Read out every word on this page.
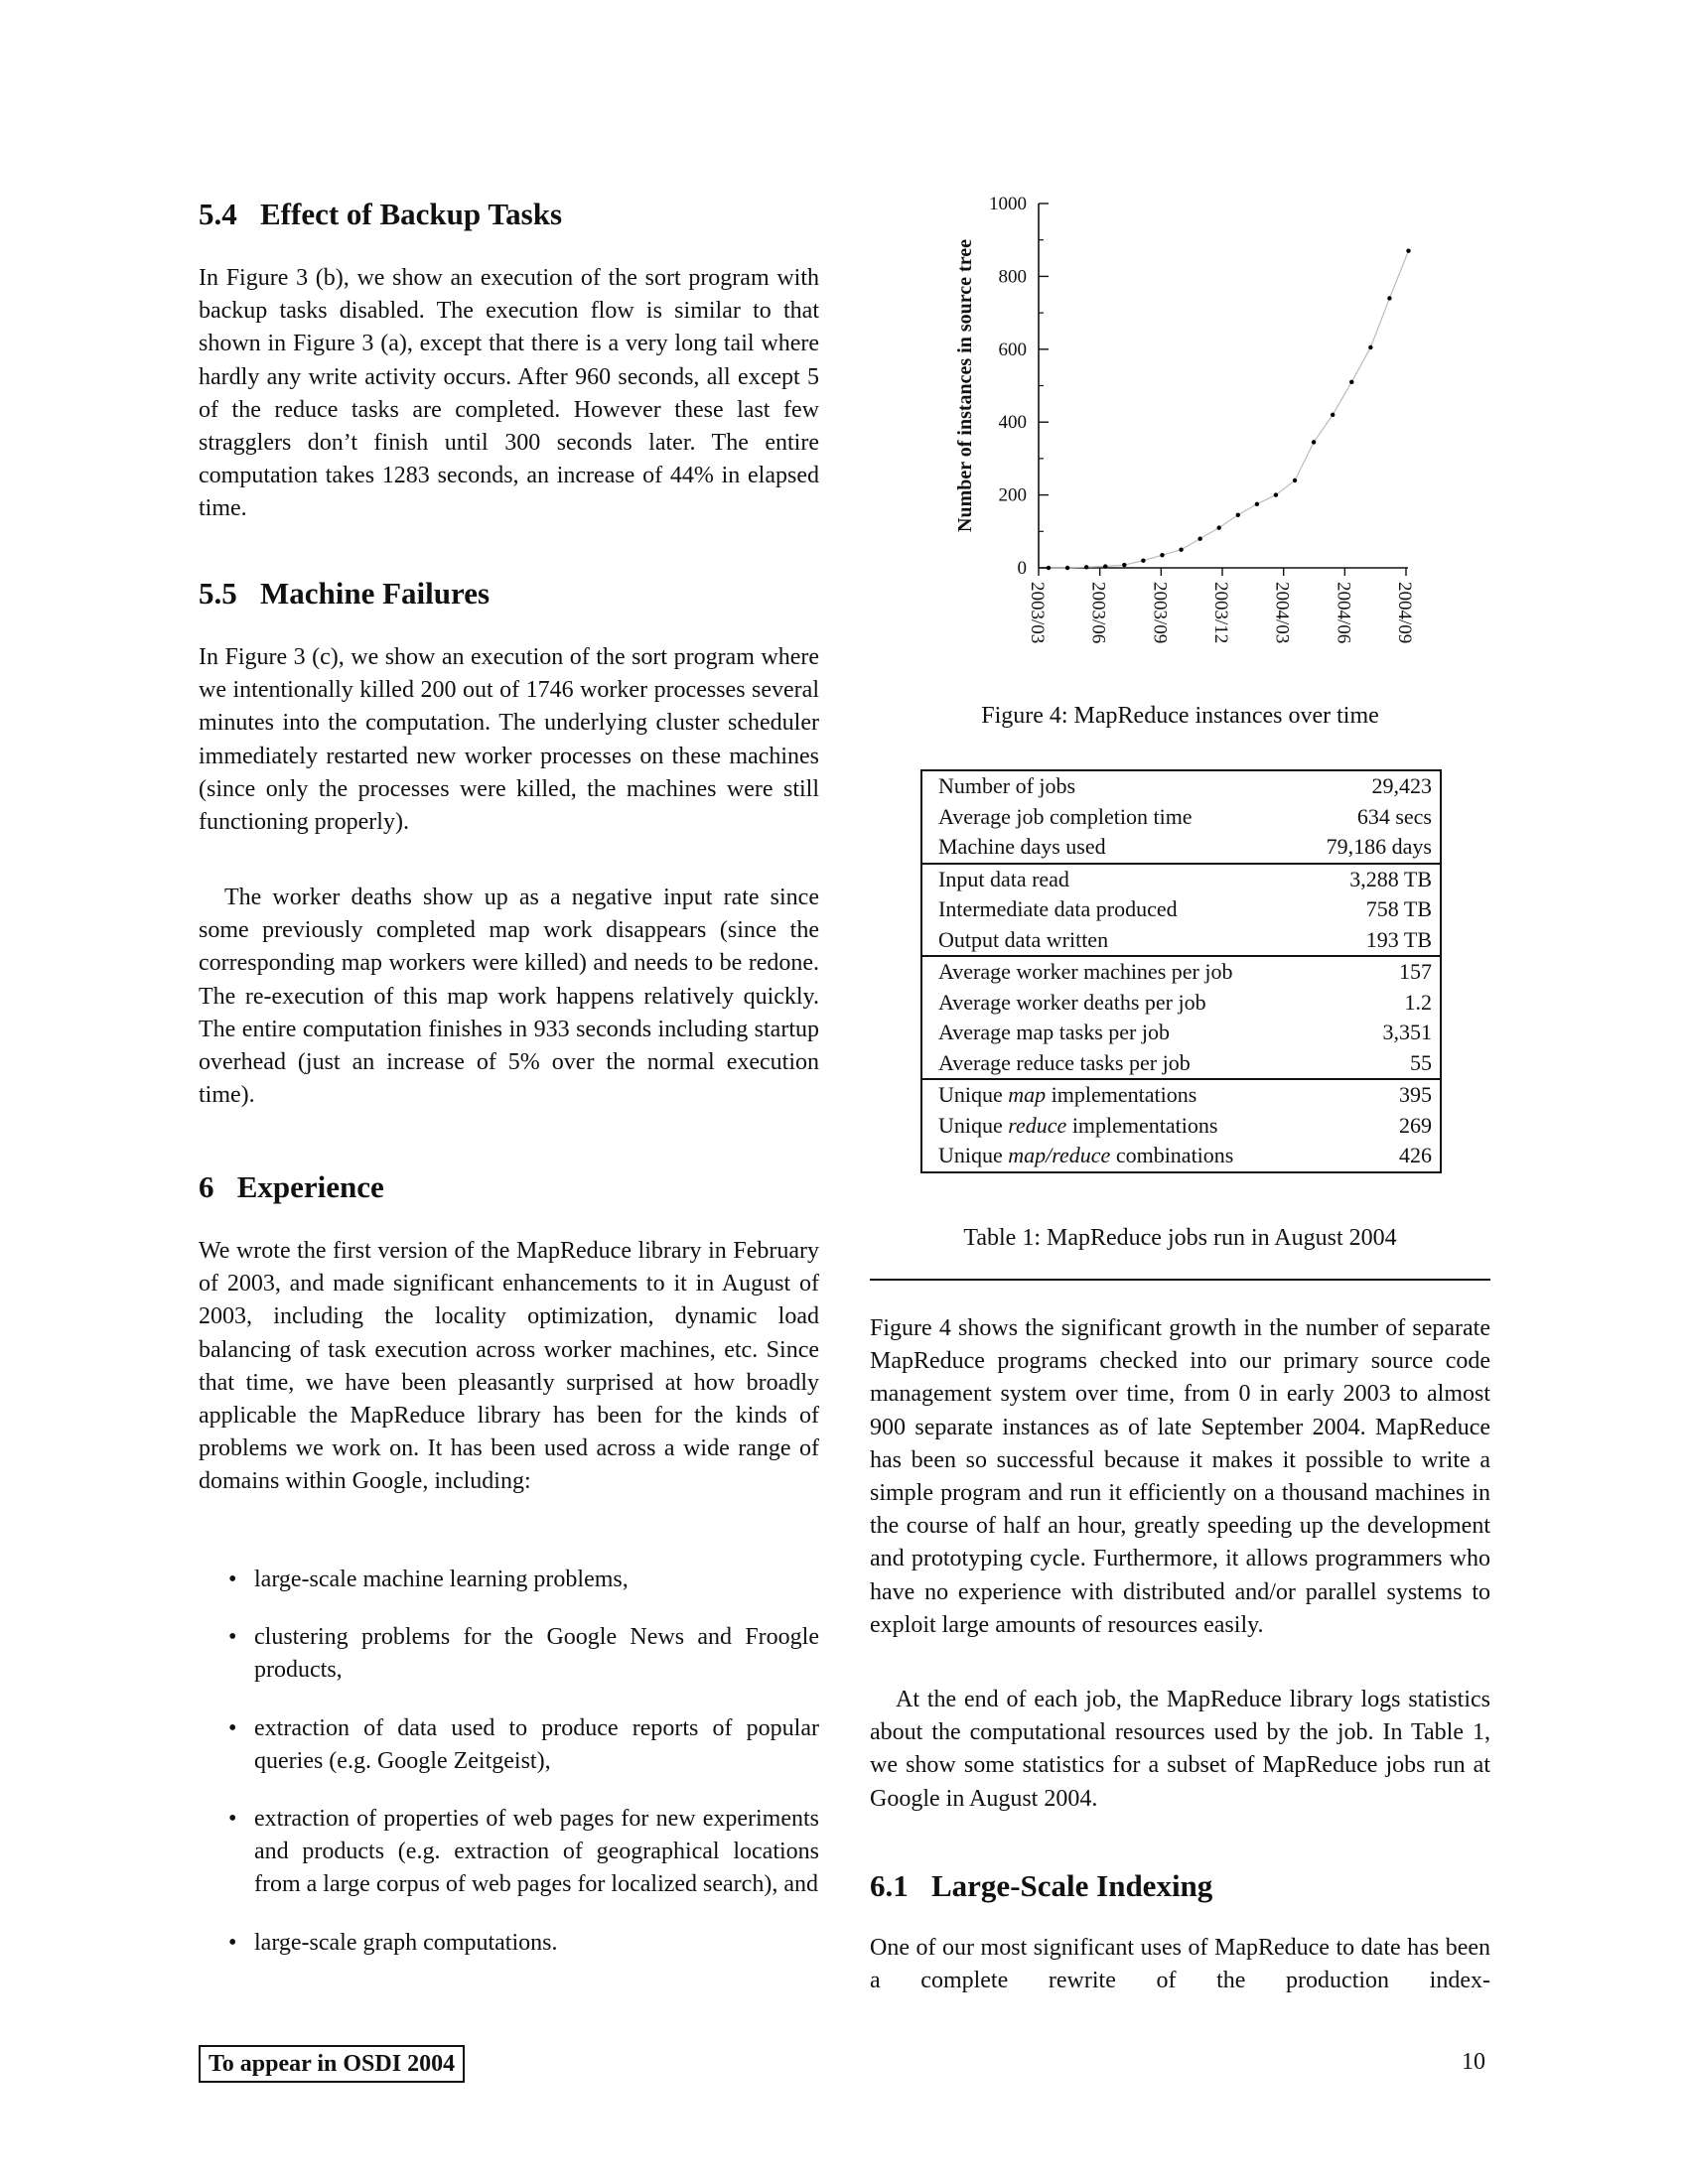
5.4 Effect of Backup Tasks

In Figure 3 (b), we show an execution of the sort program with backup tasks disabled. The execution flow is similar to that shown in Figure 3 (a), except that there is a very long tail where hardly any write activity occurs. After 960 seconds, all except 5 of the reduce tasks are completed. However these last few stragglers don’t finish until 300 seconds later. The entire computation takes 1283 seconds, an increase of 44% in elapsed time.

5.5 Machine Failures

In Figure 3 (c), we show an execution of the sort program where we intentionally killed 200 out of 1746 worker processes several minutes into the computation. The underlying cluster scheduler immediately restarted new worker processes on these machines (since only the processes were killed, the machines were still functioning properly).

The worker deaths show up as a negative input rate since some previously completed map work disappears (since the corresponding map workers were killed) and needs to be redone. The re-execution of this map work happens relatively quickly. The entire computation finishes in 933 seconds including startup overhead (just an increase of 5% over the normal execution time).

6 Experience

We wrote the first version of the MapReduce library in February of 2003, and made significant enhancements to it in August of 2003, including the locality optimization, dynamic load balancing of task execution across worker machines, etc. Since that time, we have been pleasantly surprised at how broadly applicable the MapReduce library has been for the kinds of problems we work on. It has been used across a wide range of domains within Google, including:

• large-scale machine learning problems,
• clustering problems for the Google News and Froogle products,
• extraction of data used to produce reports of popular queries (e.g. Google Zeitgeist),
• extraction of properties of web pages for new experiments and products (e.g. extraction of geographical locations from a large corpus of web pages for localized search), and
• large-scale graph computations.
0
200
400
600
800
1000
Number of instances in source tree
2003/03 2003/06 2003/09 2003/12 2004/03 2004/06 2004/09
Figure 4: MapReduce instances over time
Number of jobs	29,423
Average job completion time	634 secs
Machine days used	79,186 days
Input data read	3,288 TB
Intermediate data produced	758 TB
Output data written	193 TB
Average worker machines per job	157
Average worker deaths per job	1.2
Average map tasks per job	3,351
Average reduce tasks per job	55
Unique map implementations	395
Unique reduce implementations	269
Unique map/reduce combinations	426
Table 1: MapReduce jobs run in August 2004

Figure 4 shows the significant growth in the number of separate MapReduce programs checked into our primary source code management system over time, from 0 in early 2003 to almost 900 separate instances as of late September 2004. MapReduce has been so successful because it makes it possible to write a simple program and run it efficiently on a thousand machines in the course of half an hour, greatly speeding up the development and prototyping cycle. Furthermore, it allows programmers who have no experience with distributed and/or parallel systems to exploit large amounts of resources easily.

At the end of each job, the MapReduce library logs statistics about the computational resources used by the job. In Table 1, we show some statistics for a subset of MapReduce jobs run at Google in August 2004.

6.1 Large-Scale Indexing

One of our most significant uses of MapReduce to date has been a complete rewrite of the production index-

To appear in OSDI 2004	10
